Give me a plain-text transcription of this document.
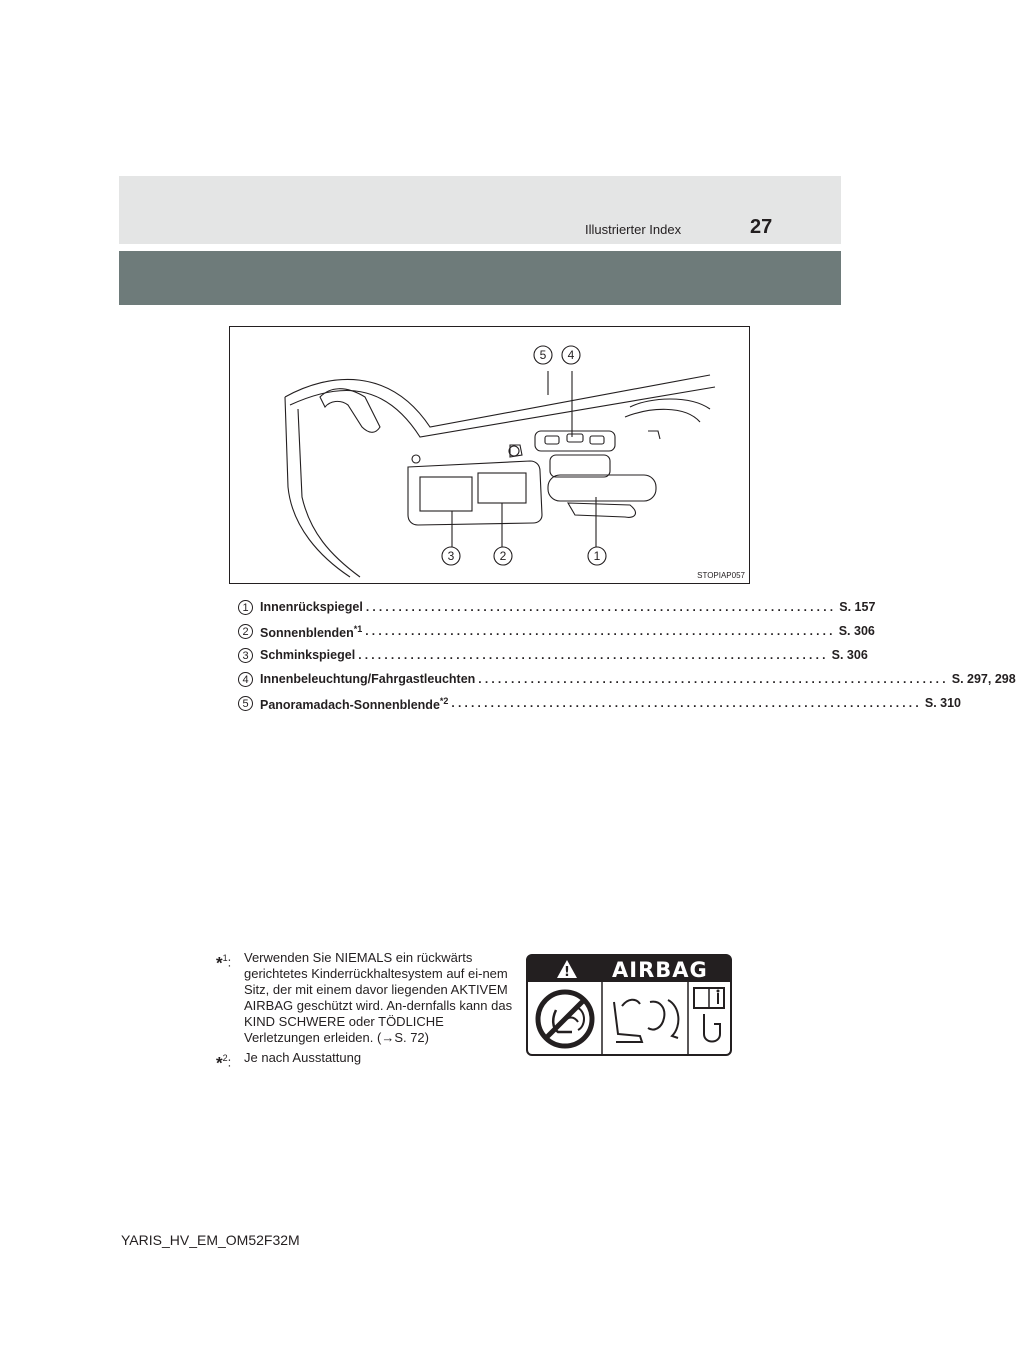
Illustrierter Index	27
5 4
3	2	1
STOPIAP057
1 Innenrückspiegel ........................................................................ S. 157
2 Sonnenblenden$^{*1}$ ........................................................................ S. 306
3 Schminkspiegel ........................................................................ S. 306
4 Innenbeleuchtung/Fahrgastleuchten ........................................................................ S. 297, 298
5 Panoramadach-Sonnenblende$^{*2}$ ........................................................................ S. 310
*$^1$: Verwenden Sie NIEMALS ein rückwärts gerichtetes Kinderrückhaltesystem auf ei-nem Sitz, der mit einem davor liegenden AKTIVEM AIRBAG geschützt wird. An-dernfalls kann das KIND SCHWERE oder TÖDLICHE Verletzungen erleiden. (→S. 72)
*$^2$: Je nach Ausstattung
! AIRBAG
YARIS_HV_EM_OM52F32M
